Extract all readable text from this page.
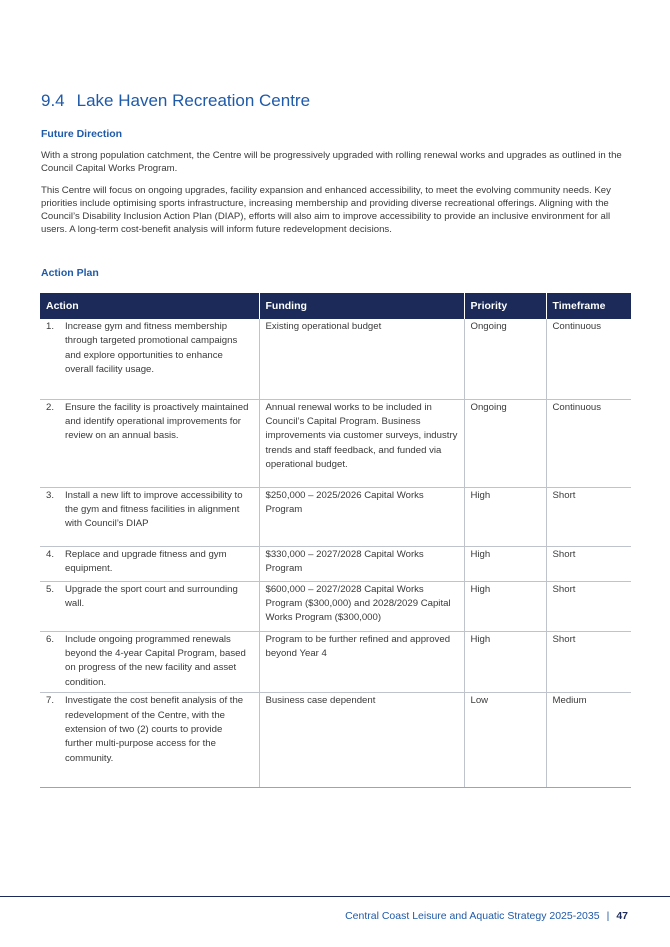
9.4 Lake Haven Recreation Centre
Future Direction

With a strong population catchment, the Centre will be progressively upgraded with rolling renewal works and upgrades as outlined in the Council Capital Works Program.

This Centre will focus on ongoing upgrades, facility expansion and enhanced accessibility, to meet the evolving community needs. Key priorities include optimising sports infrastructure, increasing membership and providing diverse recreational offerings. Aligning with the Council’s Disability Inclusion Action Plan (DIAP), efforts will also aim to improve accessibility to provide an inclusive environment for all users. A long-term cost-benefit analysis will inform future redevelopment decisions.

Action Plan
Action	Funding	Priority	Timeframe

1. Increase gym and fitness membership through targeted promotional campaigns and explore opportunities to enhance overall facility usage.	Existing operational budget	Ongoing	Continuous

2. Ensure the facility is proactively maintained and identify operational improvements for review on an annual basis.	Annual renewal works to be included in Council’s Capital Program. Business improvements via customer surveys, industry trends and staff feedback, and funded via operational budget.	Ongoing	Continuous

3. Install a new lift to improve accessibility to the gym and fitness facilities in alignment with Council’s DIAP	$250,000 – 2025/2026 Capital Works Program	High	Short

4. Replace and upgrade fitness and gym equipment.	$330,000 – 2027/2028 Capital Works Program	High	Short

5. Upgrade the sport court and surrounding wall.	$600,000 – 2027/2028 Capital Works Program ($300,000) and 2028/2029 Capital Works Program ($300,000)	High	Short

6. Include ongoing programmed renewals beyond the 4-year Capital Program, based on progress of the new facility and asset condition.	Program to be further refined and approved beyond Year 4	High	Short

7. Investigate the cost benefit analysis of the redevelopment of the Centre, with the extension of two (2) courts to provide further multi-purpose access for the community.	Business case dependent	Low	Medium
Central Coast Leisure and Aquatic Strategy 2025-2035 | 47
